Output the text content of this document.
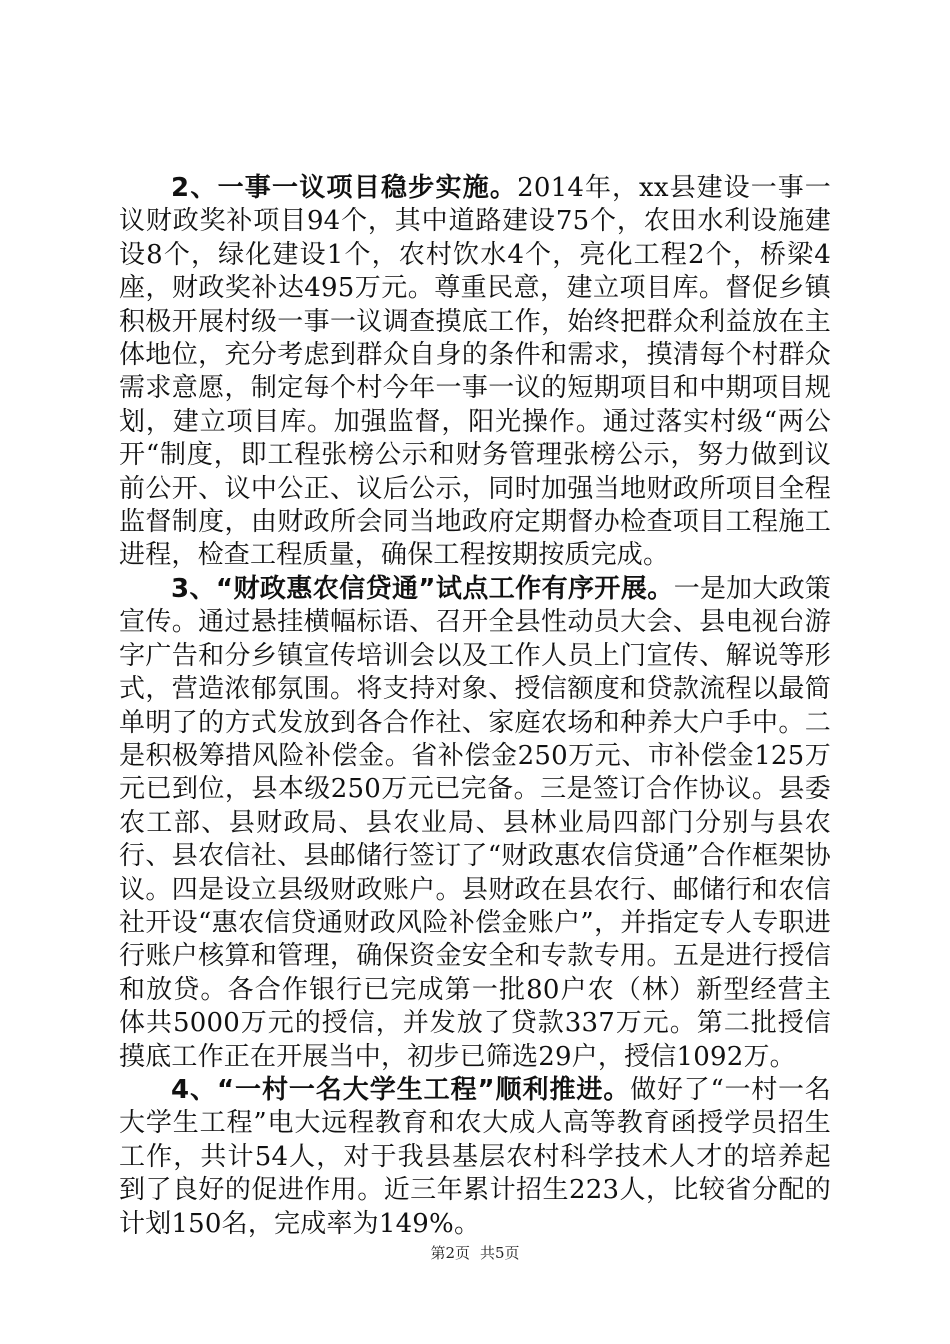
2、一事一议项目稳步实施。2014年，xx县建设一事一议财政奖补项目94个，其中道路建设75个，农田水利设施建设8个，绿化建设1个，农村饮水4个，亮化工程2个，桥梁4座，财政奖补达495万元。尊重民意，建立项目库。督促乡镇积极开展村级一事一议调查摸底工作，始终把群众利益放在主体地位，充分考虑到群众自身的条件和需求，摸清每个村群众需求意愿，制定每个村今年一事一议的短期项目和中期项目规划，建立项目库。加强监督，阳光操作。通过落实村级“两公开“制度，即工程张榜公示和财务管理张榜公示，努力做到议前公开、议中公正、议后公示，同时加强当地财政所项目全程监督制度，由财政所会同当地政府定期督办检查项目工程施工进程，检查工程质量，确保工程按期按质完成。

3、“财政惠农信贷通”试点工作有序开展。一是加大政策宣传。通过悬挂横幅标语、召开全县性动员大会、县电视台游字广告和分乡镇宣传培训会以及工作人员上门宣传、解说等形式，营造浓郁氛围。将支持对象、授信额度和贷款流程以最简单明了的方式发放到各合作社、家庭农场和种养大户手中。二是积极筹措风险补偿金。省补偿金250万元、市补偿金125万元已到位，县本级250万元已完备。三是签订合作协议。县委农工部、县财政局、县农业局、县林业局四部门分别与县农行、县农信社、县邮储行签订了“财政惠农信贷通”合作框架协议。四是设立县级财政账户。县财政在县农行、邮储行和农信社开设“惠农信贷通财政风险补偿金账户”，并指定专人专职进行账户核算和管理，确保资金安全和专款专用。五是进行授信和放贷。各合作银行已完成第一批80户农（林）新型经营主体共5000万元的授信，并发放了贷款337万元。第二批授信摸底工作正在开展当中，初步已筛选29户，授信1092万。

4、“一村一名大学生工程”顺利推进。做好了“一村一名大学生工程”电大远程教育和农大成人高等教育函授学员招生工作，共计54人，对于我县基层农村科学技术人才的培养起到了良好的促进作用。近三年累计招生223人，比较省分配的计划150名，完成率为149%。

第2页 共5页
